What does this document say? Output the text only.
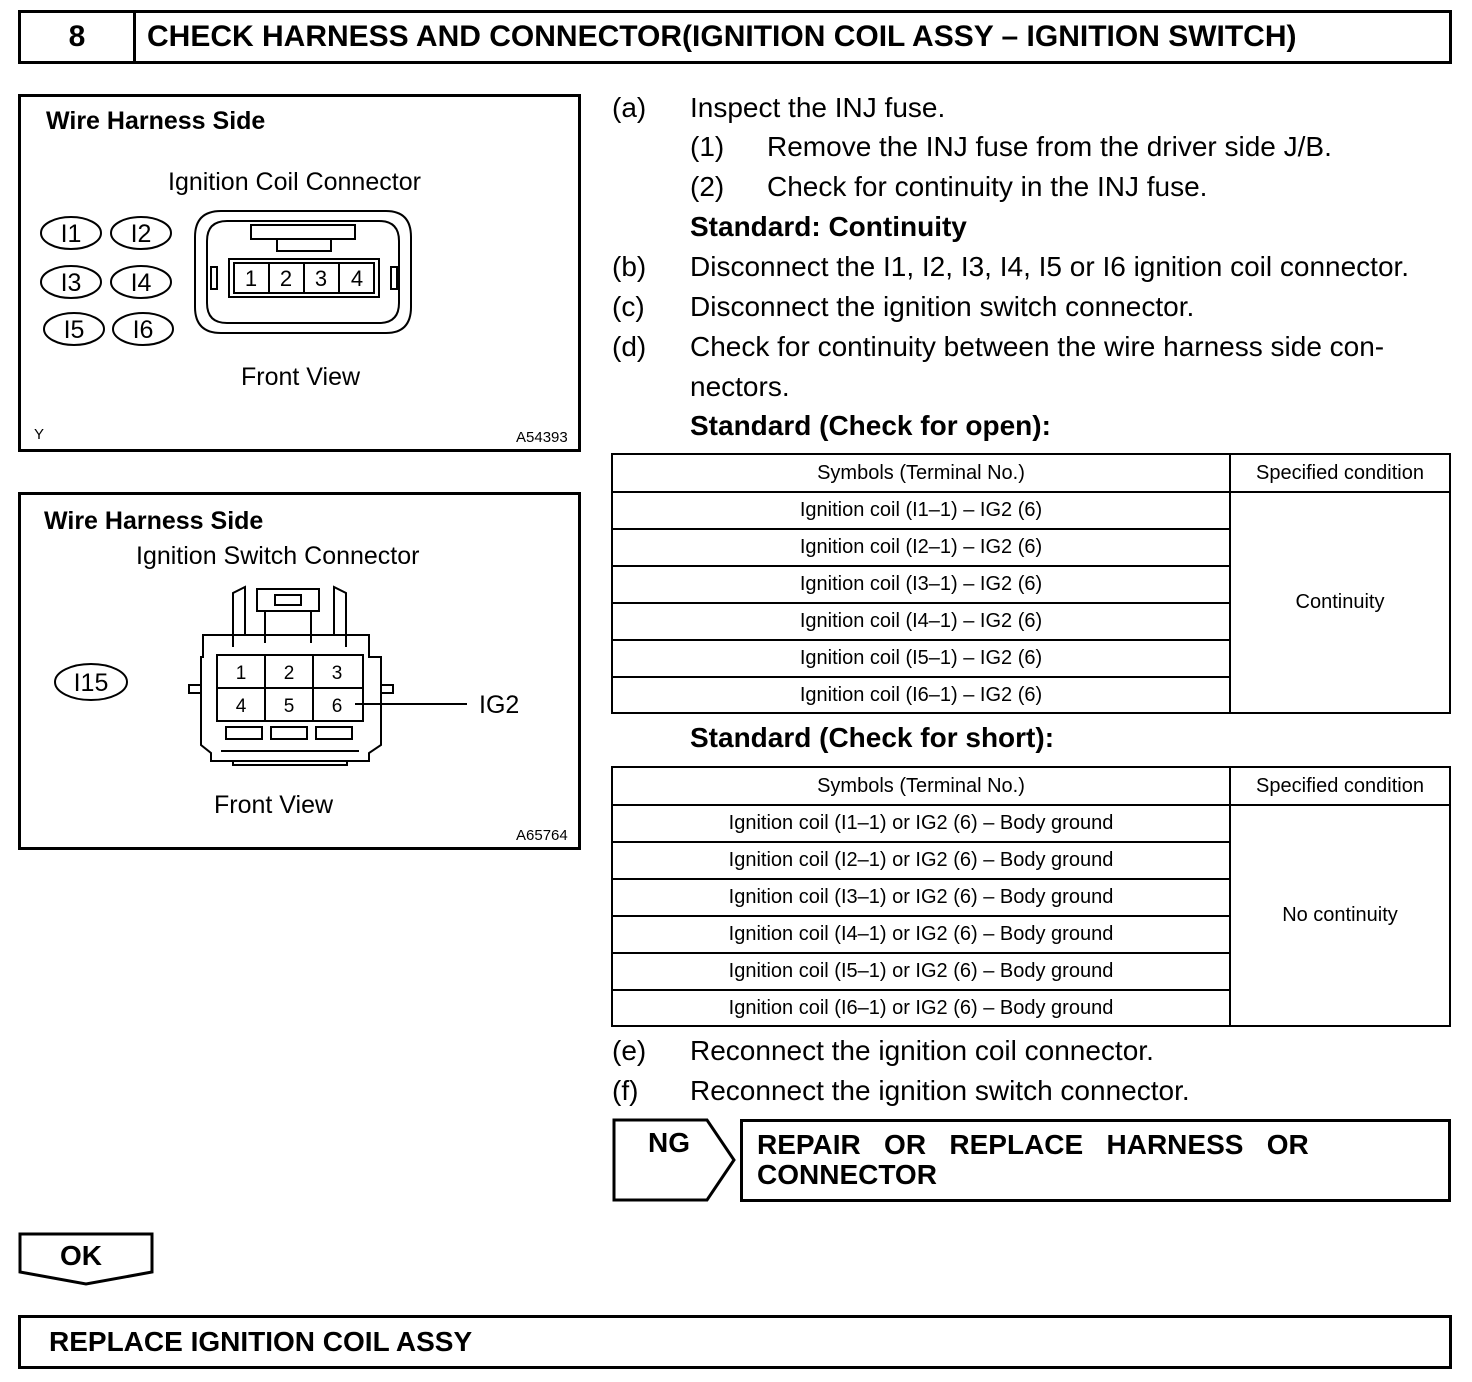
8	CHECK HARNESS AND CONNECTOR(IGNITION COIL ASSY – IGNITION SWITCH)
Wire Harness Side
Ignition Coil Connector
Front View
Y	A54393
I1 I2
I3 I4
I5 I6
1 2 3 4
Wire Harness Side
Ignition Switch Connector
Front View
A65764
I15	1 2 3
4 5 6	IG2
(a) Inspect the INJ fuse.
(1) Remove the INJ fuse from the driver side J/B.
(2) Check for continuity in the INJ fuse.
Standard: Continuity
(b) Disconnect the I1, I2, I3, I4, I5 or I6 ignition coil connector.
(c) Disconnect the ignition switch connector.
(d) Check for continuity between the wire harness side con-
nectors.
Standard (Check for open):
Symbols (Terminal No.)	Specified condition
Ignition coil (I1–1) – IG2 (6)	Continuity
Ignition coil (I2–1) – IG2 (6)	
Ignition coil (I3–1) – IG2 (6)	
Ignition coil (I4–1) – IG2 (6)	
Ignition coil (I5–1) – IG2 (6)	
Ignition coil (I6–1) – IG2 (6)	
Standard (Check for short):
Symbols (Terminal No.)	Specified condition
Ignition coil (I1–1) or IG2 (6) – Body ground	No continuity
Ignition coil (I2–1) or IG2 (6) – Body ground	
Ignition coil (I3–1) or IG2 (6) – Body ground	
Ignition coil (I4–1) or IG2 (6) – Body ground	
Ignition coil (I5–1) or IG2 (6) – Body ground	
Ignition coil (I6–1) or IG2 (6) – Body ground	
(e) Reconnect the ignition coil connector.
(f) Reconnect the ignition switch connector.
NG REPAIR   OR   REPLACE   HARNESS   OR
CONNECTOR
OK
REPLACE IGNITION COIL ASSY
